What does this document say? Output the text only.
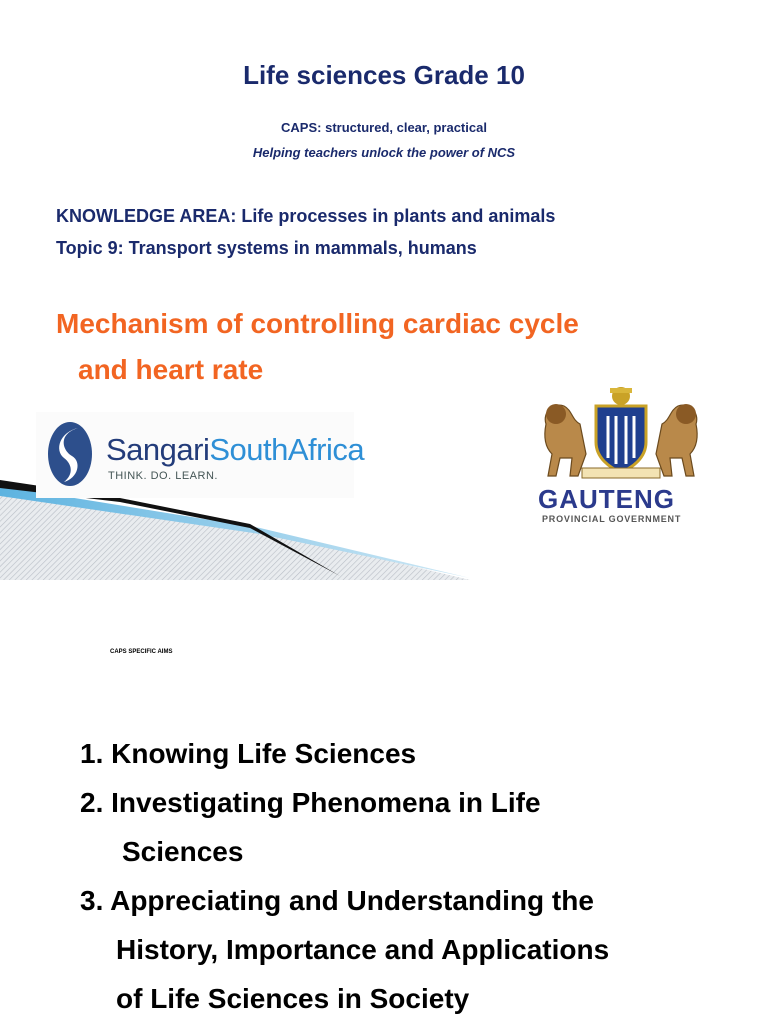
Life sciences Grade 10
CAPS: structured, clear, practical
Helping teachers unlock the power of NCS
KNOWLEDGE AREA: Life processes in plants and animals
Topic 9: Transport systems in mammals, humans
Mechanism of controlling cardiac cycle
and heart rate
SangariSouthAfrica
THINK. DO. LEARN.
GAUTENG
PROVINCIAL GOVERNMENT
CAPS SPECIFIC AIMS
1. Knowing Life Sciences
2. Investigating Phenomena in Life
Sciences
3. Appreciating and Understanding the
History, Importance and Applications
of Life Sciences in Society
